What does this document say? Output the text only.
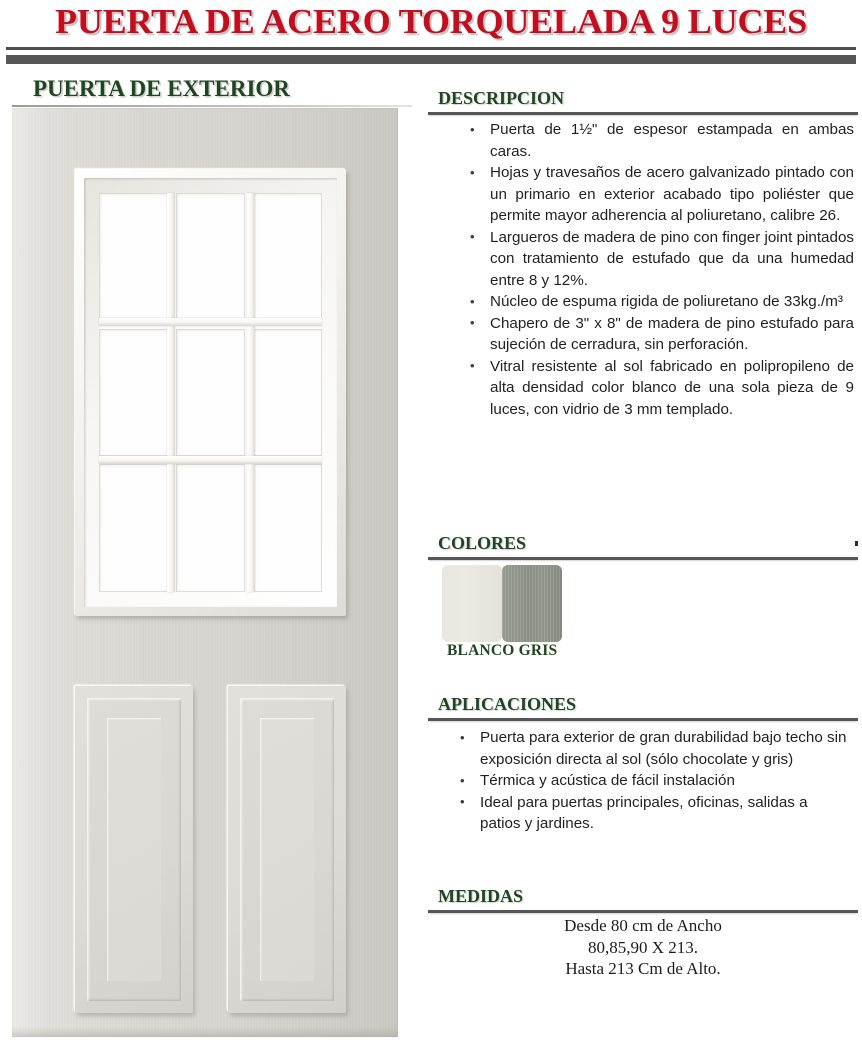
PUERTA DE ACERO TORQUELADA 9 LUCES
PUERTA DE EXTERIOR	DESCRIPCION
• Puerta de 1½" de espesor estampada en ambas caras.
• Hojas y travesaños de acero galvanizado pintado con un primario en exterior acabado tipo poliéster que permite mayor adherencia al poliuretano, calibre 26.
• Largueros de madera de pino con finger joint pintados con tratamiento de estufado que da una humedad entre 8 y 12%.
• Núcleo de espuma rigida de poliuretano de 33kg./m³
• Chapero de 3" x 8" de madera de pino estufado para sujeción de cerradura, sin perforación.
• Vitral resistente al sol fabricado en polipropileno de alta densidad color blanco de una sola pieza de 9 luces, con vidrio de 3 mm templado.
COLORES
BLANCO GRIS
APLICACIONES
• Puerta para exterior de gran durabilidad bajo techo sin exposición directa al sol (sólo chocolate y gris)
• Térmica y acústica de fácil instalación
• Ideal para puertas principales, oficinas, salidas a patios y jardines.
MEDIDAS
Desde 80 cm de Ancho
80,85,90 X 213.
Hasta 213 Cm de Alto.
